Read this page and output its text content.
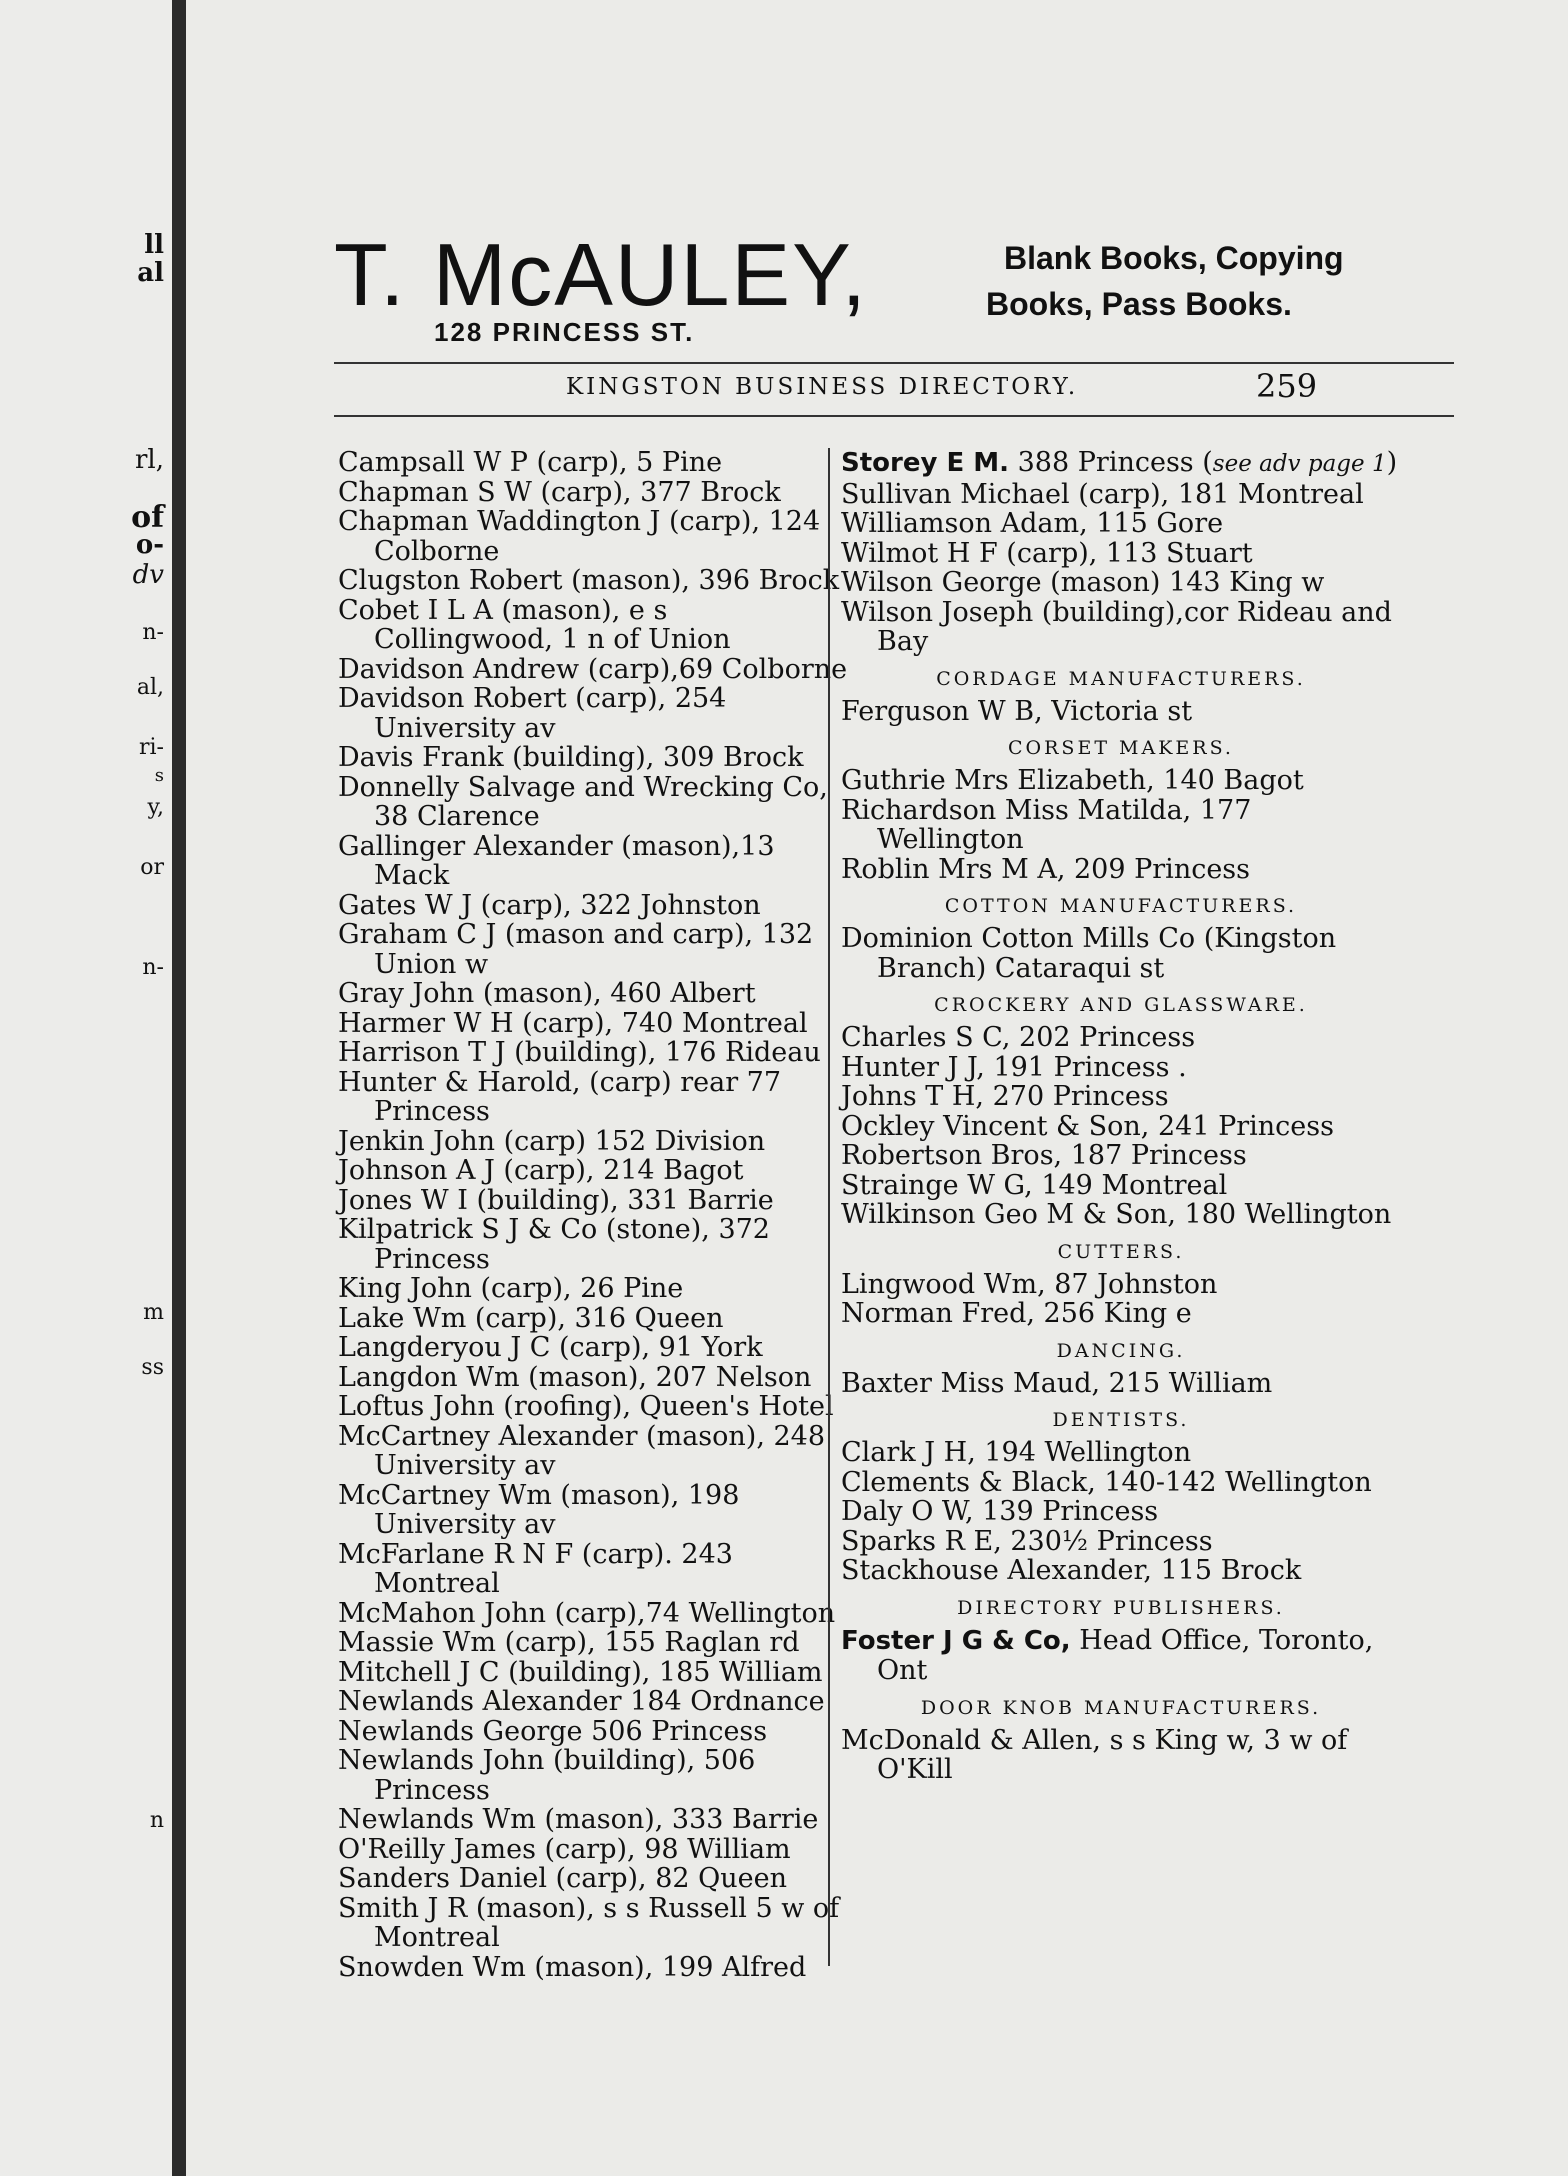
ll
al
rl,
of
o-
dv
n-
al,
ri-
s
y,
or
n-
m
ss
n
T. McAULEY,
128 PRINCESS ST.
Blank Books, Copying
Books, Pass Books.
KINGSTON BUSINESS DIRECTORY.	259
Campsall W P (carp), 5 Pine
Chapman S W (carp), 377 Brock
Chapman Waddington J (carp), 124 Colborne
Clugston Robert (mason), 396 Brock
Cobet I L A (mason), e s Collingwood, 1 n of Union
Davidson Andrew (carp),69 Colborne
Davidson Robert (carp), 254 University av
Davis Frank (building), 309 Brock
Donnelly Salvage and Wrecking Co, 38 Clarence
Gallinger Alexander (mason),13 Mack
Gates W J (carp), 322 Johnston
Graham C J (mason and carp), 132 Union w
Gray John (mason), 460 Albert
Harmer W H (carp), 740 Montreal
Harrison T J (building), 176 Rideau
Hunter & Harold, (carp) rear 77 Princess
Jenkin John (carp) 152 Division
Johnson A J (carp), 214 Bagot
Jones W I (building), 331 Barrie
Kilpatrick S J & Co (stone), 372 Princess
King John (carp), 26 Pine
Lake Wm (carp), 316 Queen
Langderyou J C (carp), 91 York
Langdon Wm (mason), 207 Nelson
Loftus John (roofing), Queen's Hotel
McCartney Alexander (mason), 248 University av
McCartney Wm (mason), 198 University av
McFarlane R N F (carp). 243 Montreal
McMahon John (carp),74 Wellington
Massie Wm (carp), 155 Raglan rd
Mitchell J C (building), 185 William
Newlands Alexander 184 Ordnance
Newlands George 506 Princess
Newlands John (building), 506 Princess
Newlands Wm (mason), 333 Barrie
O'Reilly James (carp), 98 William
Sanders Daniel (carp), 82 Queen
Smith J R (mason), s s Russell 5 w of Montreal
Snowden Wm (mason), 199 Alfred
Storey E M. 388 Princess (see adv page 1)
Sullivan Michael (carp), 181 Montreal
Williamson Adam, 115 Gore
Wilmot H F (carp), 113 Stuart
Wilson George (mason) 143 King w
Wilson Joseph (building),cor Rideau and Bay
CORDAGE MANUFACTURERS.
Ferguson W B, Victoria st
CORSET MAKERS.
Guthrie Mrs Elizabeth, 140 Bagot
Richardson Miss Matilda, 177 Wellington
Roblin Mrs M A, 209 Princess
COTTON MANUFACTURERS.
Dominion Cotton Mills Co (Kingston Branch) Cataraqui st
CROCKERY AND GLASSWARE.
Charles S C, 202 Princess
Hunter J J, 191 Princess .
Johns T H, 270 Princess
Ockley Vincent & Son, 241 Princess
Robertson Bros, 187 Princess
Strainge W G, 149 Montreal
Wilkinson Geo M & Son, 180 Wellington
CUTTERS.
Lingwood Wm, 87 Johnston
Norman Fred, 256 King e
DANCING.
Baxter Miss Maud, 215 William
DENTISTS.
Clark J H, 194 Wellington
Clements & Black, 140-142 Wellington
Daly O W, 139 Princess
Sparks R E, 230½ Princess
Stackhouse Alexander, 115 Brock
DIRECTORY PUBLISHERS.
Foster J G & Co, Head Office, Toronto, Ont
DOOR KNOB MANUFACTURERS.
McDonald & Allen, s s King w, 3 w of O'Kill
